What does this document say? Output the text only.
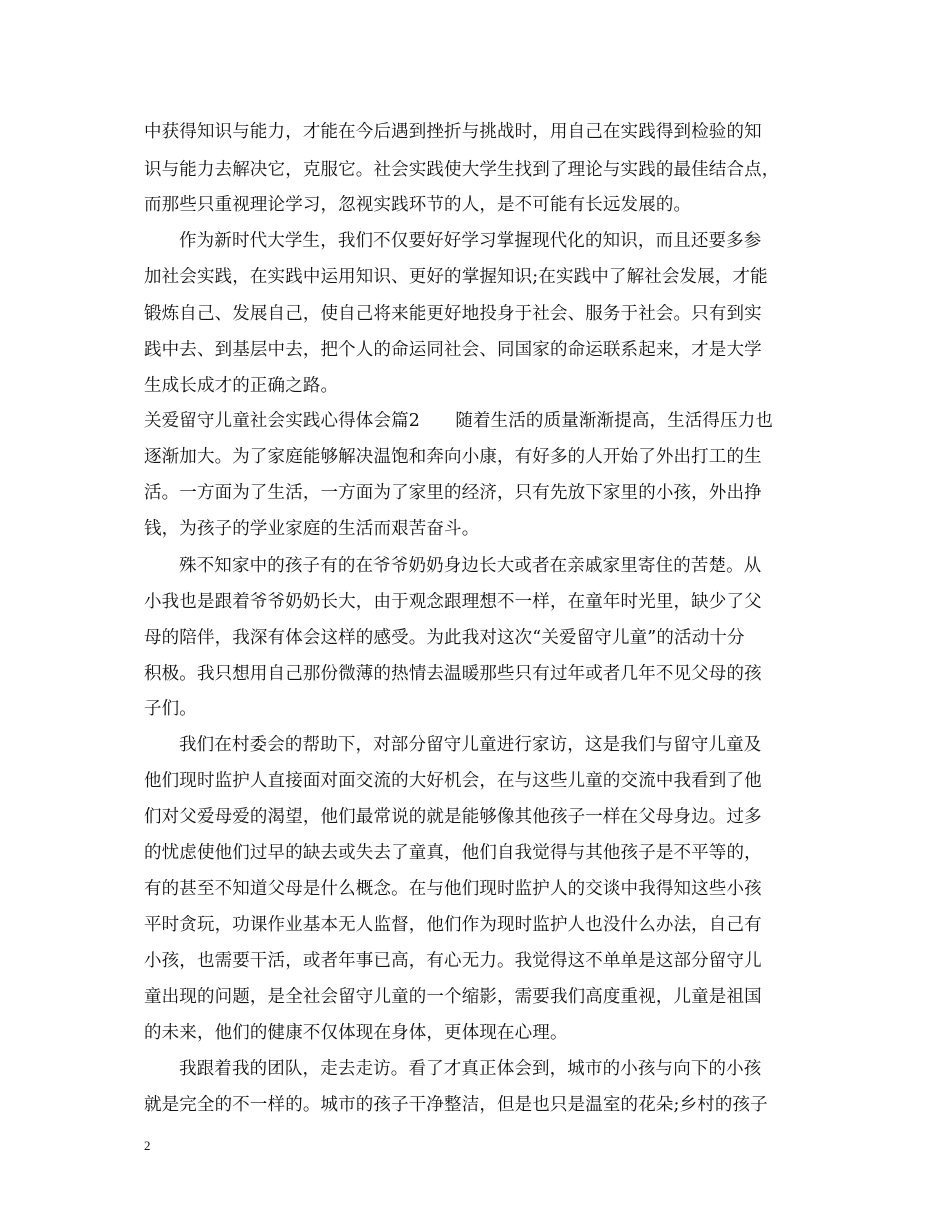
中获得知识与能力，才能在今后遇到挫折与挑战时，用自己在实践得到检验的知
识与能力去解决它，克服它。社会实践使大学生找到了理论与实践的最佳结合点，
而那些只重视理论学习，忽视实践环节的人，是不可能有长远发展的。
作为新时代大学生，我们不仅要好好学习掌握现代化的知识，而且还要多参
加社会实践，在实践中运用知识、更好的掌握知识;在实践中了解社会发展，才能
锻炼自己、发展自己，使自己将来能更好地投身于社会、服务于社会。只有到实
践中去、到基层中去，把个人的命运同社会、同国家的命运联系起来，才是大学
生成长成才的正确之路。
关爱留守儿童社会实践心得体会篇2　　随着生活的质量渐渐提高，生活得压力也
逐渐加大。为了家庭能够解决温饱和奔向小康，有好多的人开始了外出打工的生
活。一方面为了生活，一方面为了家里的经济，只有先放下家里的小孩，外出挣
钱，为孩子的学业家庭的生活而艰苦奋斗。
殊不知家中的孩子有的在爷爷奶奶身边长大或者在亲戚家里寄住的苦楚。从
小我也是跟着爷爷奶奶长大，由于观念跟理想不一样，在童年时光里，缺少了父
母的陪伴，我深有体会这样的感受。为此我对这次“关爱留守儿童”的活动十分
积极。我只想用自己那份微薄的热情去温暖那些只有过年或者几年不见父母的孩
子们。
我们在村委会的帮助下，对部分留守儿童进行家访，这是我们与留守儿童及
他们现时监护人直接面对面交流的大好机会，在与这些儿童的交流中我看到了他
们对父爱母爱的渴望，他们最常说的就是能够像其他孩子一样在父母身边。过多
的忧虑使他们过早的缺去或失去了童真，他们自我觉得与其他孩子是不平等的，
有的甚至不知道父母是什么概念。在与他们现时监护人的交谈中我得知这些小孩
平时贪玩，功课作业基本无人监督，他们作为现时监护人也没什么办法，自己有
小孩，也需要干活，或者年事已高，有心无力。我觉得这不单单是这部分留守儿
童出现的问题，是全社会留守儿童的一个缩影，需要我们高度重视，儿童是祖国
的未来，他们的健康不仅体现在身体，更体现在心理。
我跟着我的团队，走去走访。看了才真正体会到，城市的小孩与向下的小孩
就是完全的不一样的。城市的孩子干净整洁，但是也只是温室的花朵;乡村的孩子
2
